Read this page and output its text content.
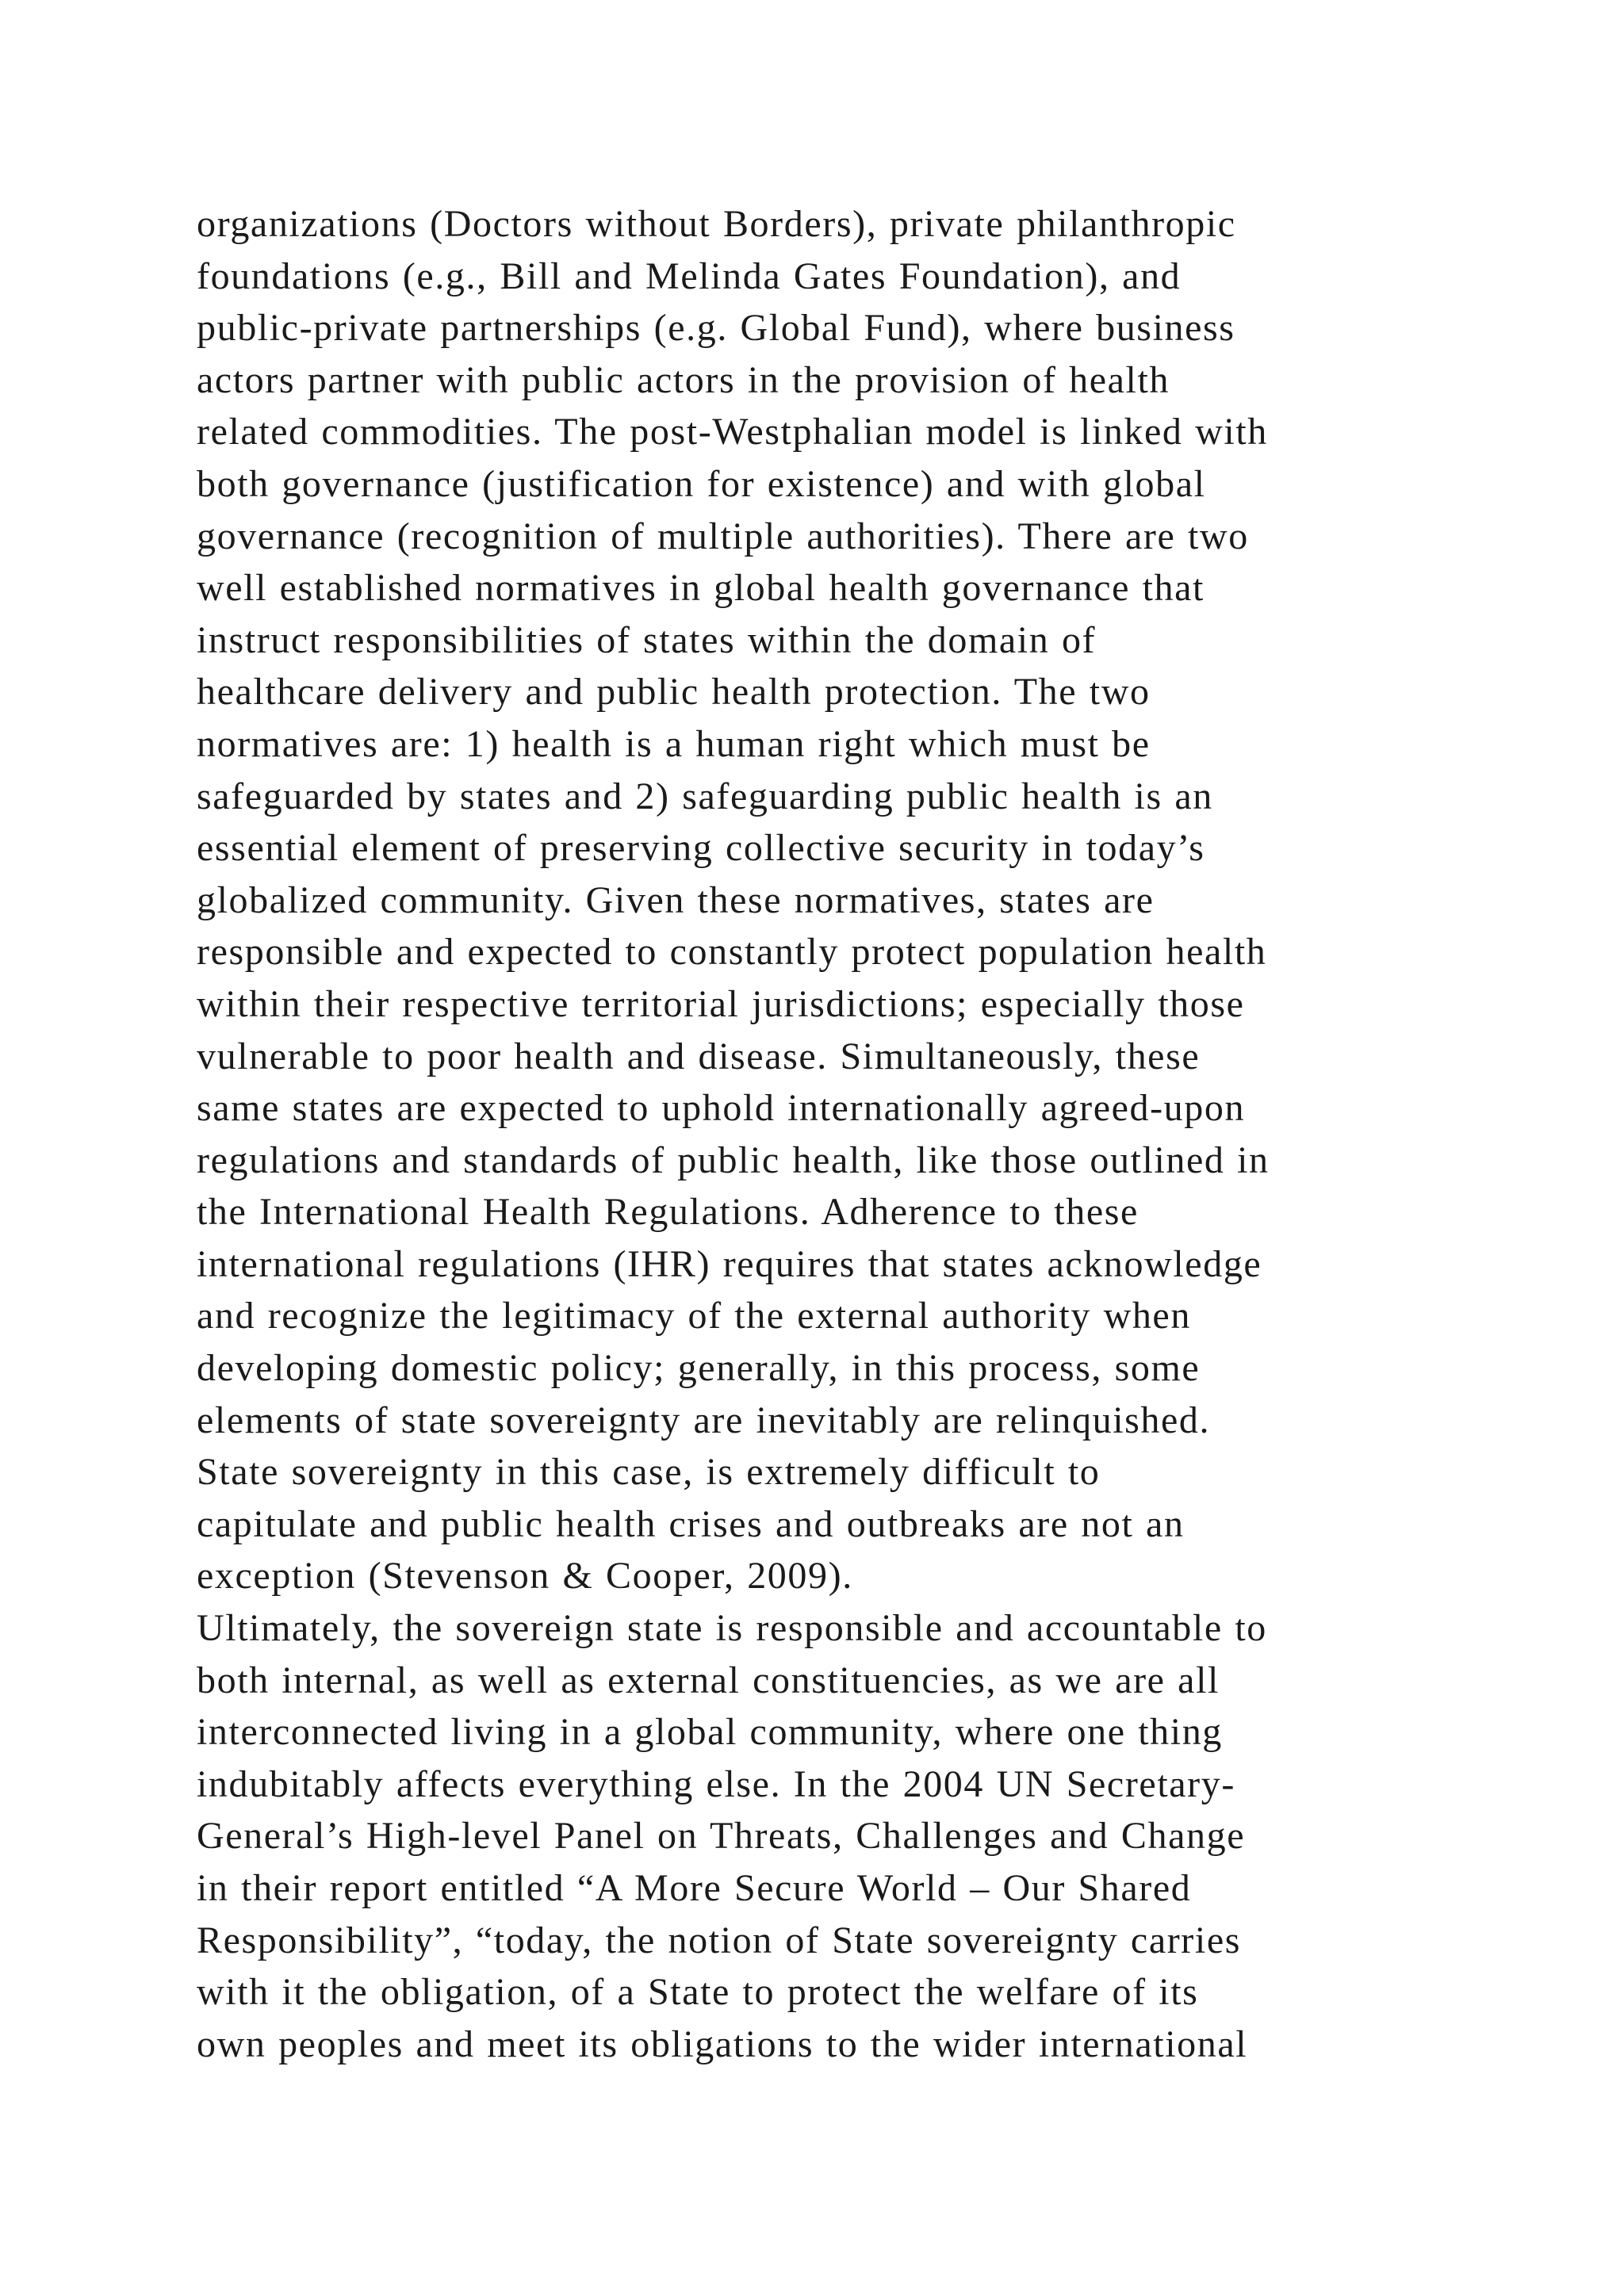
organizations (Doctors without Borders), private philanthropic
foundations (e.g., Bill and Melinda Gates Foundation), and
public-private partnerships (e.g. Global Fund), where business
actors partner with public actors in the provision of health
related commodities. The post-Westphalian model is linked with
both governance (justification for existence) and with global
governance (recognition of multiple authorities). There are two
well established normatives in global health governance that
instruct responsibilities of states within the domain of
healthcare delivery and public health protection. The two
normatives are: 1) health is a human right which must be
safeguarded by states and 2) safeguarding public health is an
essential element of preserving collective security in today’s
globalized community. Given these normatives, states are
responsible and expected to constantly protect population health
within their respective territorial jurisdictions; especially those
vulnerable to poor health and disease. Simultaneously, these
same states are expected to uphold internationally agreed-upon
regulations and standards of public health, like those outlined in
the International Health Regulations. Adherence to these
international regulations (IHR) requires that states acknowledge
and recognize the legitimacy of the external authority when
developing domestic policy; generally, in this process, some
elements of state sovereignty are inevitably are relinquished.
State sovereignty in this case, is extremely difficult to
capitulate and public health crises and outbreaks are not an
exception (Stevenson & Cooper, 2009).
Ultimately, the sovereign state is responsible and accountable to
both internal, as well as external constituencies, as we are all
interconnected living in a global community, where one thing
indubitably affects everything else. In the 2004 UN Secretary-
General’s High-level Panel on Threats, Challenges and Change
in their report entitled “A More Secure World – Our Shared
Responsibility”, “today, the notion of State sovereignty carries
with it the obligation, of a State to protect the welfare of its
own peoples and meet its obligations to the wider international
